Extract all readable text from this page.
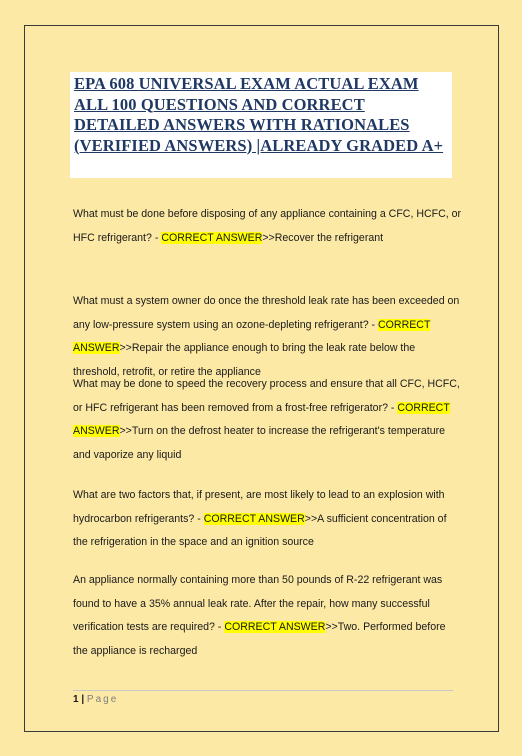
EPA 608 UNIVERSAL EXAM ACTUAL EXAM ALL 100 QUESTIONS AND CORRECT DETAILED ANSWERS WITH RATIONALES (VERIFIED ANSWERS) |ALREADY GRADED A+

What must be done before disposing of any appliance containing a CFC, HCFC, or HFC refrigerant? - CORRECT ANSWER>>Recover the refrigerant

What must a system owner do once the threshold leak rate has been exceeded on any low-pressure system using an ozone-depleting refrigerant? - CORRECT ANSWER>>Repair the appliance enough to bring the leak rate below the threshold, retrofit, or retire the appliance

What may be done to speed the recovery process and ensure that all CFC, HCFC, or HFC refrigerant has been removed from a frost-free refrigerator? - CORRECT ANSWER>>Turn on the defrost heater to increase the refrigerant's temperature and vaporize any liquid

What are two factors that, if present, are most likely to lead to an explosion with hydrocarbon refrigerants? - CORRECT ANSWER>>A sufficient concentration of the refrigeration in the space and an ignition source

An appliance normally containing more than 50 pounds of R-22 refrigerant was found to have a 35% annual leak rate. After the repair, how many successful verification tests are required? - CORRECT ANSWER>>Two. Performed before the appliance is recharged

1 | Page
